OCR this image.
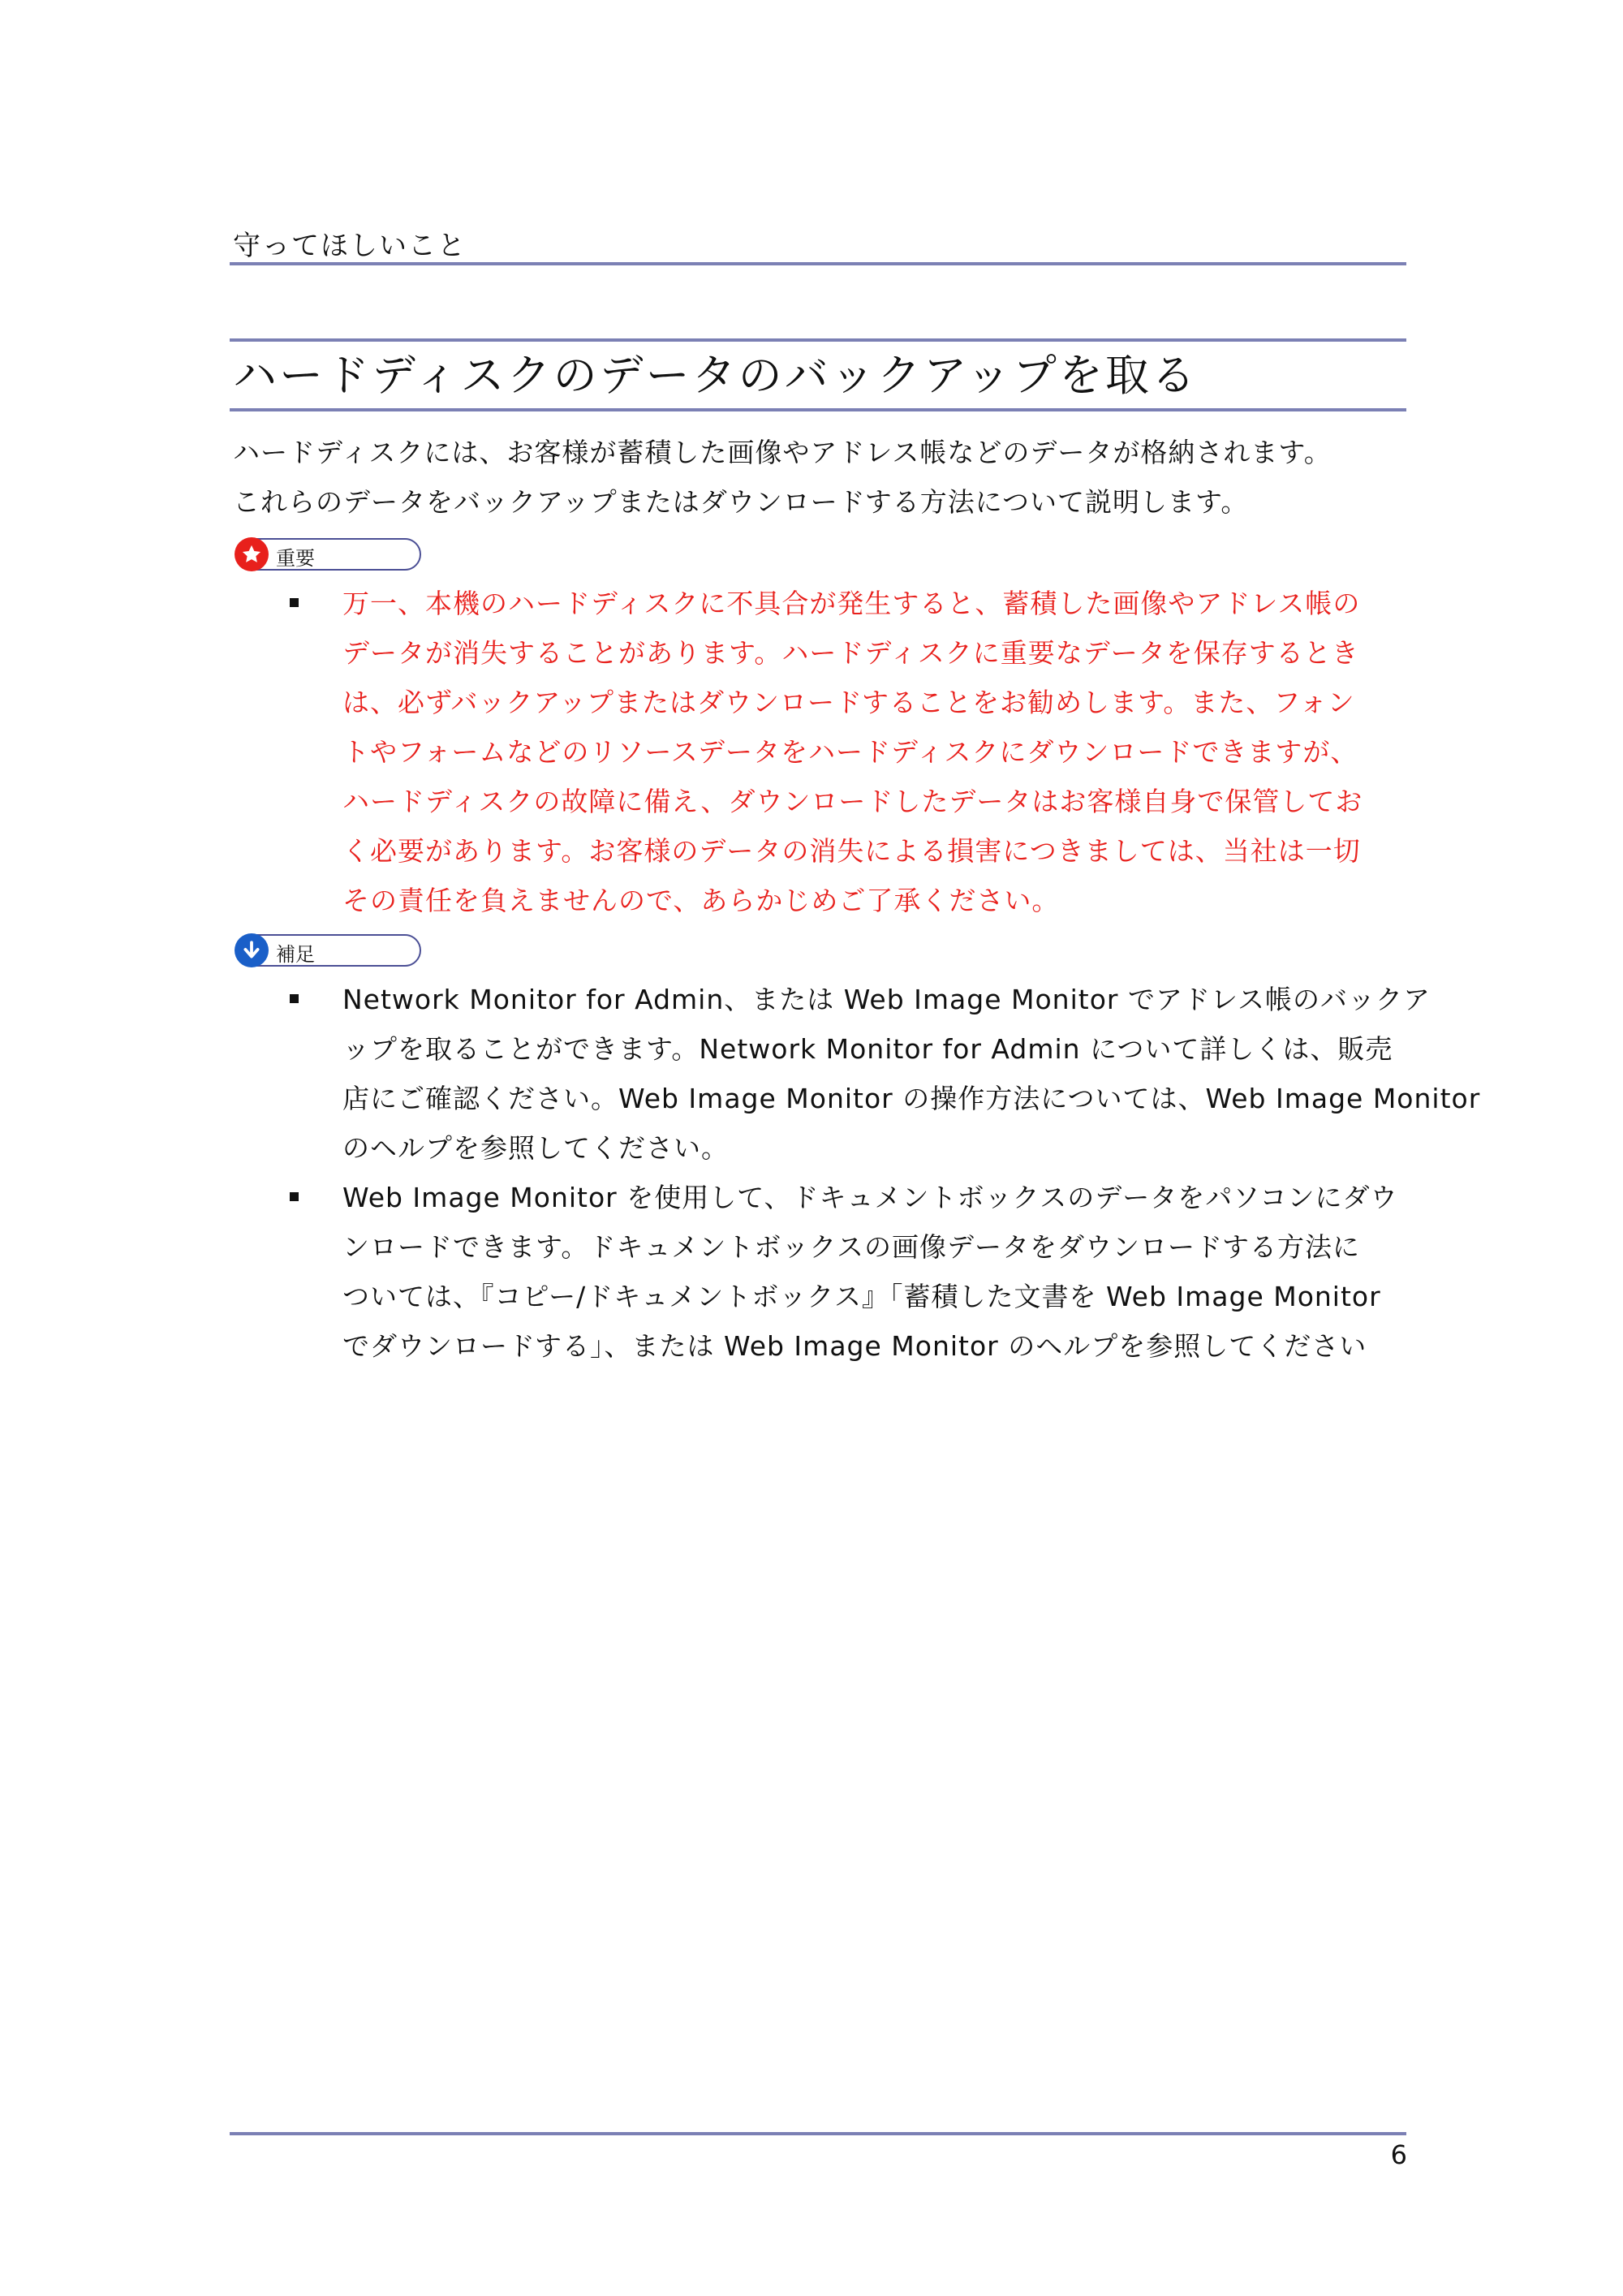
守ってほしいこと
ハードディスクのデータのバックアップを取る

ハードディスクには、お客様が蓄積した画像やアドレス帳などのデータが格納されます。

これらのデータをバックアップまたはダウンロードする方法について説明します。

重要
万一、本機のハードディスクに不具合が発生すると、蓄積した画像やアドレス帳の
データが消失することがあります。ハードディスクに重要なデータを保存するとき
は、必ずバックアップまたはダウンロードすることをお勧めします。また、フォン
トやフォームなどのリソースデータをハードディスクにダウンロードできますが、
ハードディスクの故障に備え、ダウンロードしたデータはお客様自身で保管してお
く必要があります。お客様のデータの消失による損害につきましては、当社は一切
その責任を負えませんので、あらかじめご了承ください。
補足
Network Monitor for Admin、または Web Image Monitor でアドレス帳のバックア
ップを取ることができます。Network Monitor for Admin について詳しくは、販売
店にご確認ください。Web Image Monitor の操作方法については、Web Image Monitor
のヘルプを参照してください。
Web Image Monitor を使用して、ドキュメントボックスのデータをパソコンにダウ
ンロードできます。ドキュメントボックスの画像データをダウンロードする方法に
ついては、『コピー/ドキュメントボックス』「蓄積した文書を Web Image Monitor
でダウンロードする」、または Web Image Monitor のヘルプを参照してください
6
